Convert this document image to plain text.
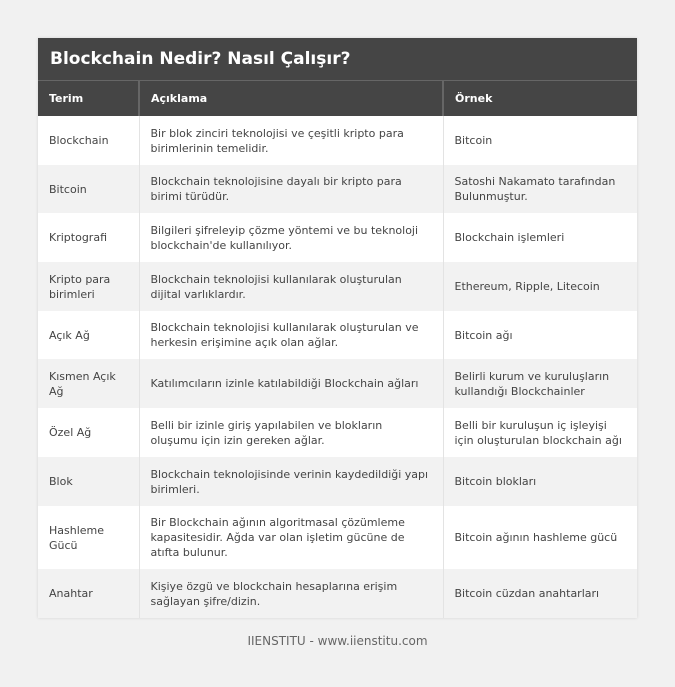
Blockchain Nedir? Nasıl Çalışır?
Terim	Açıklama	Örnek
Blockchain	Bir blok zinciri teknolojisi ve çeşitli kripto para birimlerinin temelidir.	Bitcoin
Bitcoin	Blockchain teknolojisine dayalı bir kripto para birimi türüdür.	Satoshi Nakamato tarafından Bulunmuştur.
Kriptografi	Bilgileri şifreleyip çözme yöntemi ve bu teknoloji blockchain'de kullanılıyor.	Blockchain işlemleri
Kripto para birimleri	Blockchain teknolojisi kullanılarak oluşturulan dijital varlıklardır.	Ethereum, Ripple, Litecoin
Açık Ağ	Blockchain teknolojisi kullanılarak oluşturulan ve herkesin erişimine açık olan ağlar.	Bitcoin ağı
Kısmen Açık Ağ	Katılımcıların izinle katılabildiği Blockchain ağları	Belirli kurum ve kuruluşların kullandığı Blockchainler
Özel Ağ	Belli bir izinle giriş yapılabilen ve blokların oluşumu için izin gereken ağlar.	Belli bir kuruluşun iç işleyişi için oluşturulan blockchain ağı
Blok	Blockchain teknolojisinde verinin kaydedildiği yapı birimleri.	Bitcoin blokları
Hashleme Gücü	Bir Blockchain ağının algoritmasal çözümleme kapasitesidir. Ağda var olan işletim gücüne de atıfta bulunur.	Bitcoin ağının hashleme gücü
Anahtar	Kişiye özgü ve blockchain hesaplarına erişim sağlayan şifre/dizin.	Bitcoin cüzdan anahtarları
IIENSTITU - www.iienstitu.com
